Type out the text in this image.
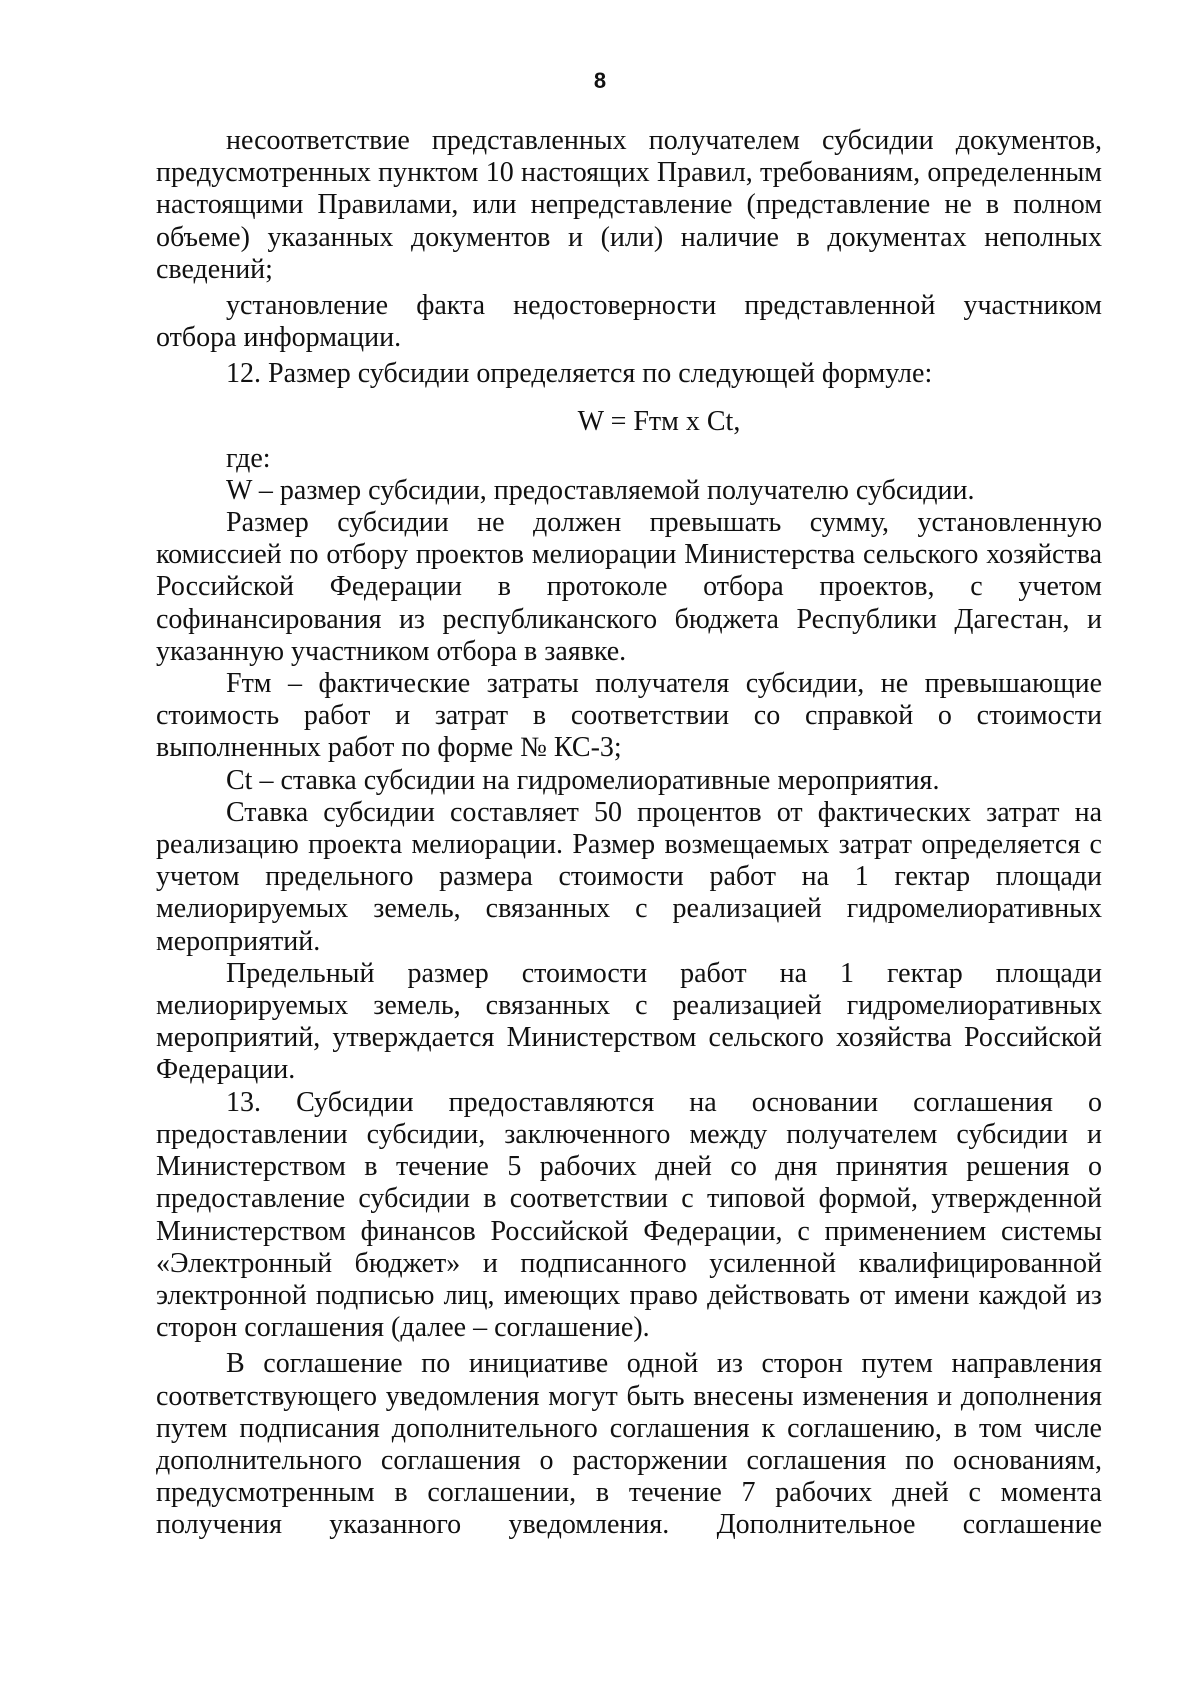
8

несоответствие представленных получателем субсидии документов, предусмотренных пунктом 10 настоящих Правил, требованиям, определенным настоящими Правилами, или непредставление (представление не в полном объеме) указанных документов и (или) наличие в документах неполных сведений;

установление факта недостоверности представленной участником отбора информации.

12. Размер субсидии определяется по следующей формуле:

W = Fтм x Ct,

где:

W – размер субсидии, предоставляемой получателю субсидии.

Размер субсидии не должен превышать сумму, установленную комиссией по отбору проектов мелиорации Министерства сельского хозяйства Российской Федерации в протоколе отбора проектов, с учетом софинансирования из республиканского бюджета Республики Дагестан, и указанную участником отбора в заявке.

Fтм – фактические затраты получателя субсидии, не превышающие стоимость работ и затрат в соответствии со справкой о стоимости выполненных работ по форме № КС-3;

Ct – ставка субсидии на гидромелиоративные мероприятия.

Ставка субсидии составляет 50 процентов от фактических затрат на реализацию проекта мелиорации. Размер возмещаемых затрат определяется с учетом предельного размера стоимости работ на 1 гектар площади мелиорируемых земель, связанных с реализацией гидромелиоративных мероприятий.

Предельный размер стоимости работ на 1 гектар площади мелиорируемых земель, связанных с реализацией гидромелиоративных мероприятий, утверждается Министерством сельского хозяйства Российской Федерации.

13. Субсидии предоставляются на основании соглашения о предоставлении субсидии, заключенного между получателем субсидии и Министерством в течение 5 рабочих дней со дня принятия решения о предоставление субсидии в соответствии с типовой формой, утвержденной Министерством финансов Российской Федерации, с применением системы «Электронный бюджет» и подписанного усиленной квалифицированной электронной подписью лиц, имеющих право действовать от имени каждой из сторон соглашения (далее – соглашение).

В соглашение по инициативе одной из сторон путем направления соответствующего уведомления могут быть внесены изменения и дополнения путем подписания дополнительного соглашения к соглашению, в том числе дополнительного соглашения о расторжении соглашения по основаниям, предусмотренным в соглашении, в течение 7 рабочих дней с момента получения указанного уведомления. Дополнительное соглашение
